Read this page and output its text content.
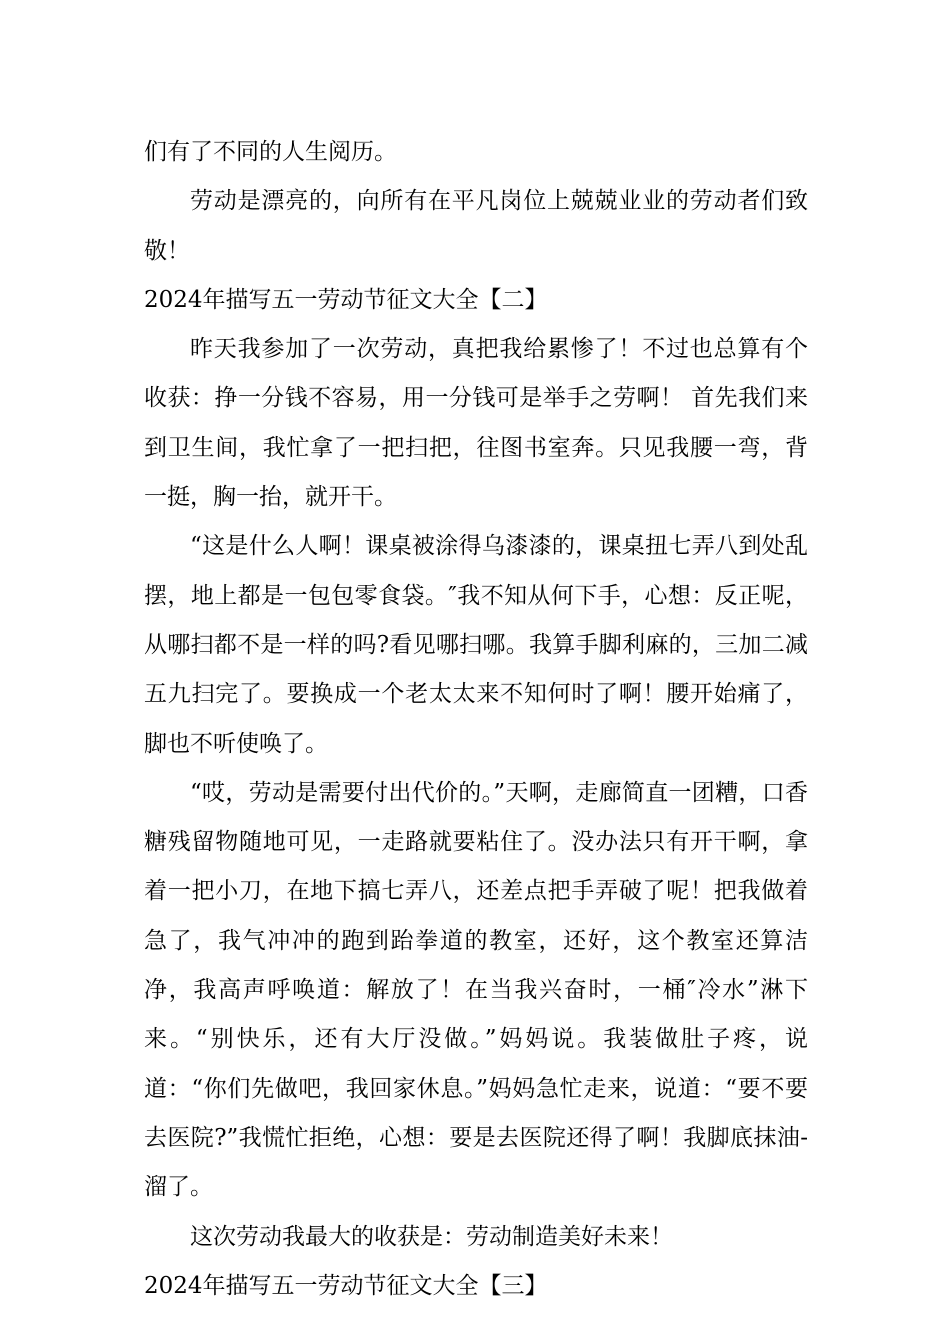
们有了不同的人生阅历。

劳动是漂亮的，向所有在平凡岗位上兢兢业业的劳动者们致敬！

2024年描写五一劳动节征文大全【二】

昨天我参加了一次劳动，真把我给累惨了！不过也总算有个收获：挣一分钱不容易，用一分钱可是举手之劳啊！ 首先我们来到卫生间，我忙拿了一把扫把，往图书室奔。只见我腰一弯，背一挺，胸一抬，就开干。

“这是什么人啊！课桌被涂得乌漆漆的，课桌扭七弄八到处乱摆，地上都是一包包零食袋。″我不知从何下手，心想：反正呢，从哪扫都不是一样的吗?看见哪扫哪。我算手脚利麻的，三加二减五九扫完了。要换成一个老太太来不知何时了啊！腰开始痛了，脚也不听使唤了。

“哎，劳动是需要付出代价的。”天啊，走廊简直一团糟，口香糖残留物随地可见，一走路就要粘住了。没办法只有开干啊，拿着一把小刀，在地下搞七弄八，还差点把手弄破了呢！把我做着急了，我气冲冲的跑到跆拳道的教室，还好，这个教室还算洁净，我高声呼唤道：解放了！在当我兴奋时，一桶″冷水”淋下来。“别快乐，还有大厅没做。”妈妈说。我装做肚子疼，说道：“你们先做吧，我回家休息。”妈妈急忙走来，说道：“要不要去医院?”我慌忙拒绝，心想：要是去医院还得了啊！我脚底抹油-溜了。

这次劳动我最大的收获是：劳动制造美好未来！

2024年描写五一劳动节征文大全【三】
